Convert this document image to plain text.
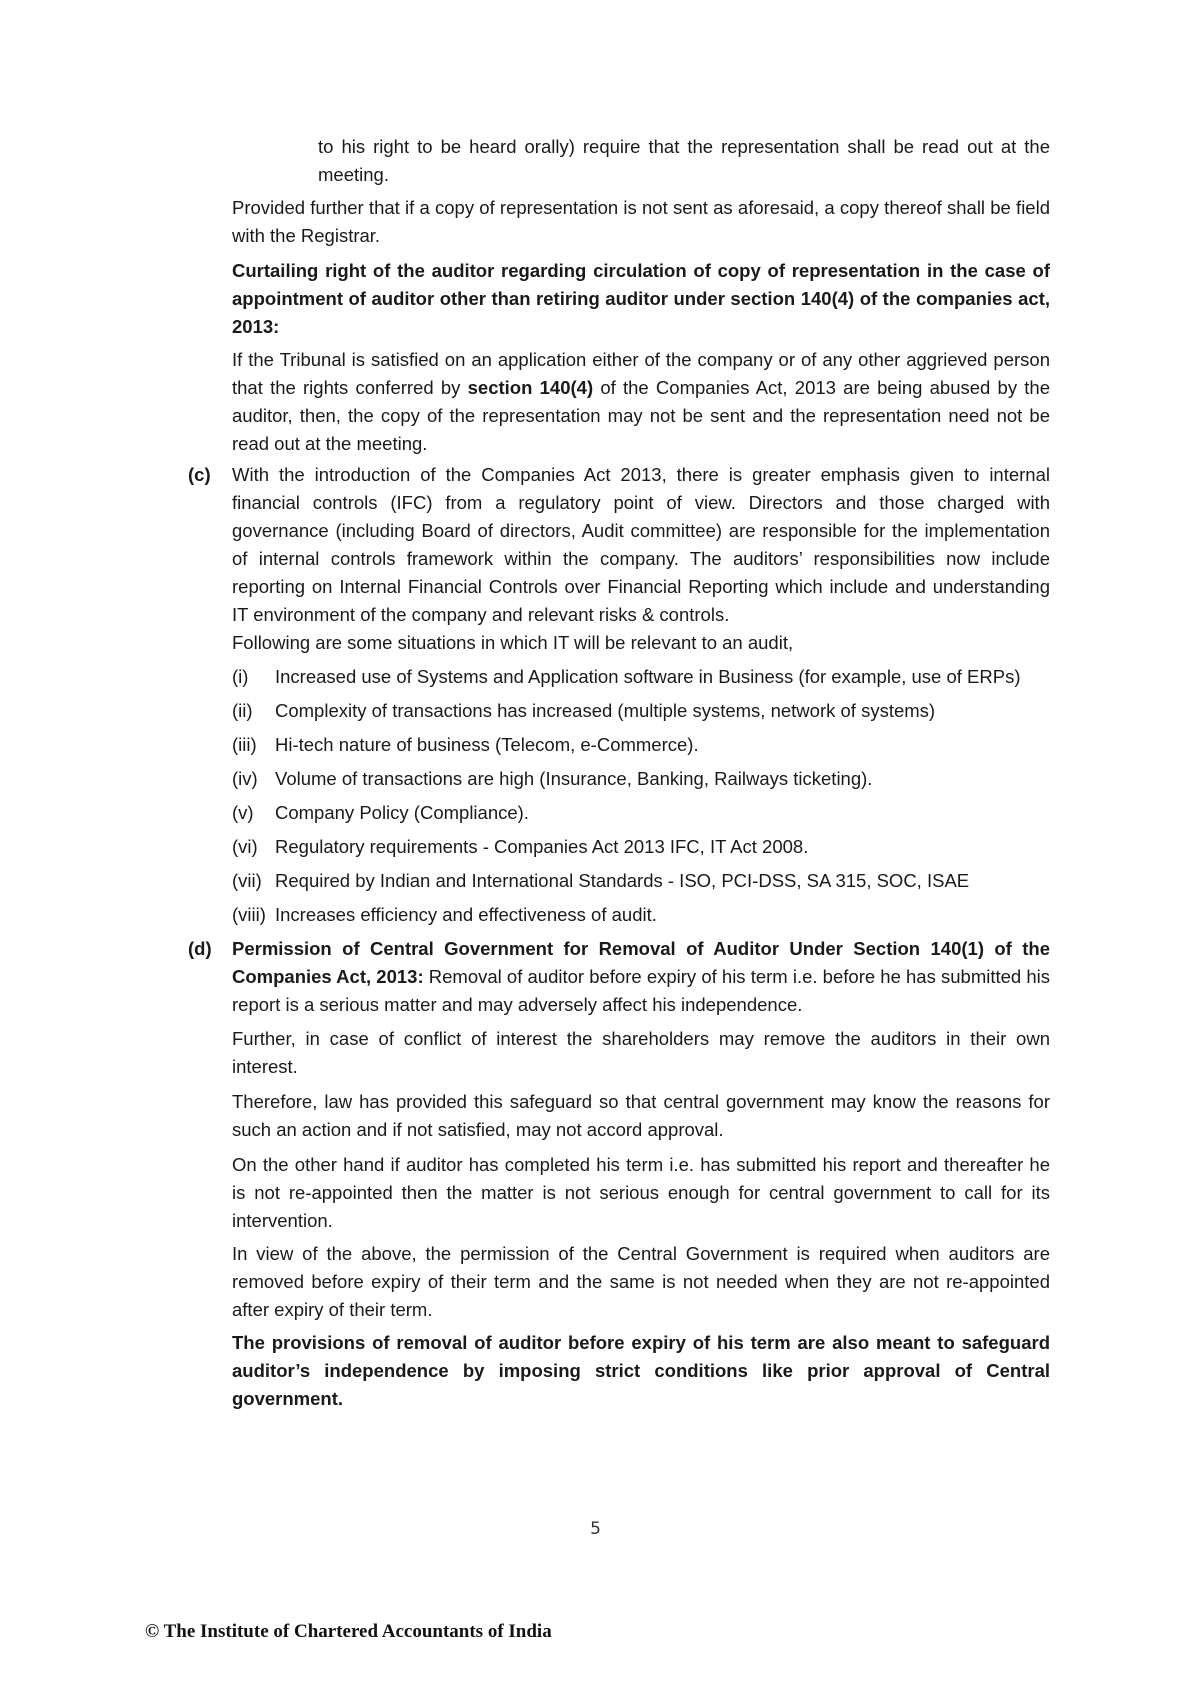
to his right to be heard orally) require that the representation shall be read out at the meeting.

Provided further that if a copy of representation is not sent as aforesaid, a copy thereof shall be field with the Registrar.

Curtailing right of the auditor regarding circulation of copy of representation in the case of appointment of auditor other than retiring auditor under section 140(4) of the companies act, 2013:

If the Tribunal is satisfied on an application either of the company or of any other aggrieved person that the rights conferred by section 140(4) of the Companies Act, 2013 are being abused by the auditor, then, the copy of the representation may not be sent and the representation need not be read out at the meeting.

(c) With the introduction of the Companies Act 2013, there is greater emphasis given to internal financial controls (IFC) from a regulatory point of view. Directors and those charged with governance (including Board of directors, Audit committee) are responsible for the implementation of internal controls framework within the company. The auditors’ responsibilities now include reporting on Internal Financial Controls over Financial Reporting which include and understanding IT environment of the company and relevant risks & controls.

Following are some situations in which IT will be relevant to an audit,

(i) Increased use of Systems and Application software in Business (for example, use of ERPs)

(ii) Complexity of transactions has increased (multiple systems, network of systems)

(iii) Hi-tech nature of business (Telecom, e-Commerce).

(iv) Volume of transactions are high (Insurance, Banking, Railways ticketing).

(v) Company Policy (Compliance).

(vi) Regulatory requirements - Companies Act 2013 IFC, IT Act 2008.

(vii) Required by Indian and International Standards - ISO, PCI-DSS, SA 315, SOC, ISAE

(viii) Increases efficiency and effectiveness of audit.

(d) Permission of Central Government for Removal of Auditor Under Section 140(1) of the Companies Act, 2013: Removal of auditor before expiry of his term i.e. before he has submitted his report is a serious matter and may adversely affect his independence.

Further, in case of conflict of interest the shareholders may remove the auditors in their own interest.

Therefore, law has provided this safeguard so that central government may know the reasons for such an action and if not satisfied, may not accord approval.

On the other hand if auditor has completed his term i.e. has submitted his report and thereafter he is not re-appointed then the matter is not serious enough for central government to call for its intervention.

In view of the above, the permission of the Central Government is required when auditors are removed before expiry of their term and the same is not needed when they are not re-appointed after expiry of their term.

The provisions of removal of auditor before expiry of his term are also meant to safeguard auditor’s independence by imposing strict conditions like prior approval of Central government.

5
© The Institute of Chartered Accountants of India
